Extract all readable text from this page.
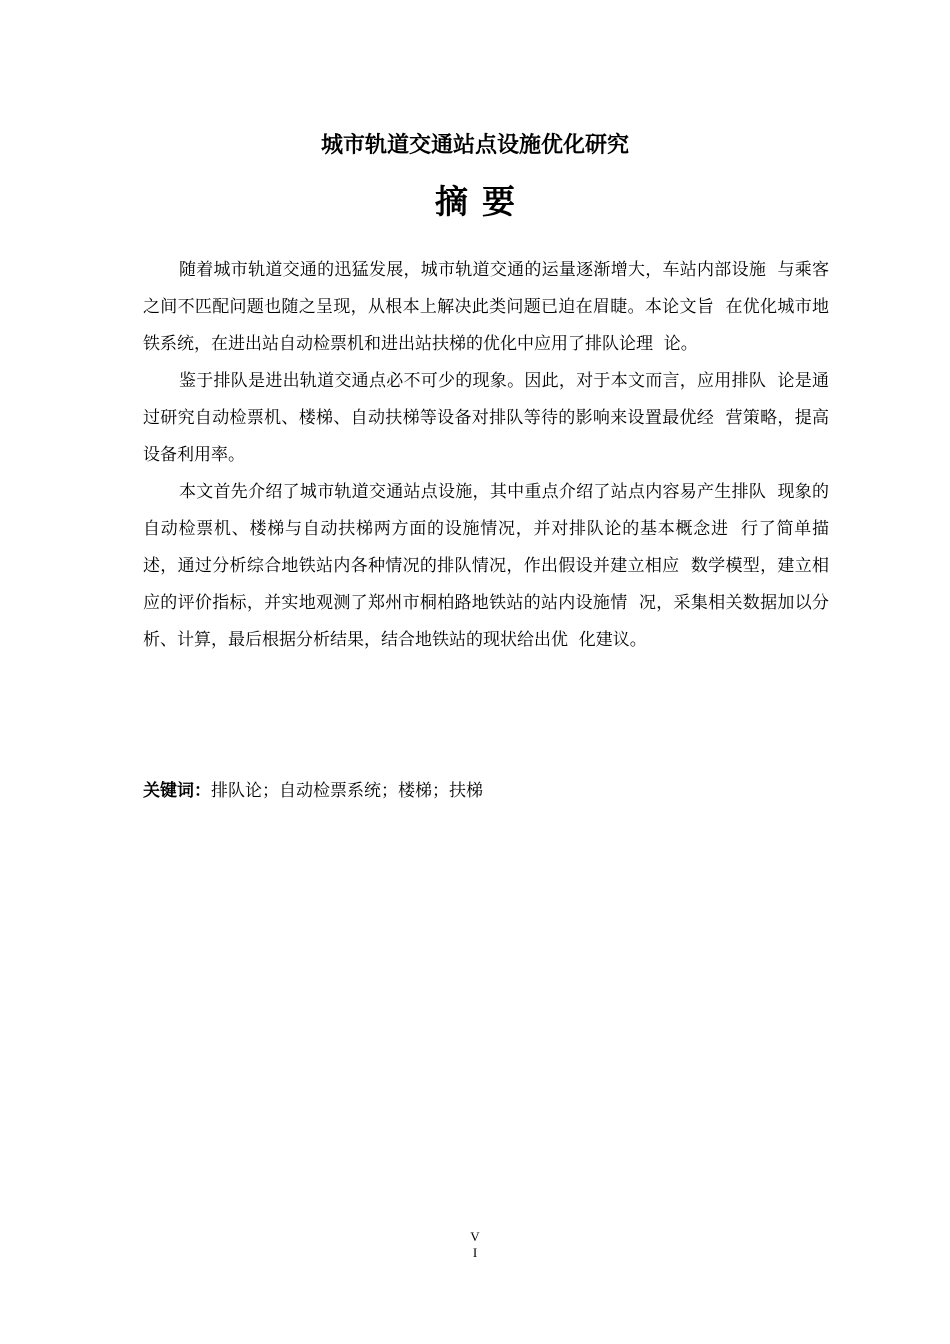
城市轨道交通站点设施优化研究
摘要

随着城市轨道交通的迅猛发展，城市轨道交通的运量逐渐增大，车站内部设施  与乘客之间不匹配问题也随之呈现，从根本上解决此类问题已迫在眉睫。本论文旨  在优化城市地铁系统，在进出站自动检票机和进出站扶梯的优化中应用了排队论理  论。

鉴于排队是进出轨道交通点必不可少的现象。因此，对于本文而言，应用排队  论是通过研究自动检票机、楼梯、自动扶梯等设备对排队等待的影响来设置最优经  营策略，提高设备利用率。

本文首先介绍了城市轨道交通站点设施，其中重点介绍了站点内容易产生排队  现象的自动检票机、楼梯与自动扶梯两方面的设施情况，并对排队论的基本概念进  行了简单描述，通过分析综合地铁站内各种情况的排队情况，作出假设并建立相应  数学模型，建立相应的评价指标，并实地观测了郑州市桐柏路地铁站的站内设施情  况，采集相关数据加以分析、计算，最后根据分析结果，结合地铁站的现状给出优  化建议。

关键词：排队论；自动检票系统；楼梯；扶梯
V
I
